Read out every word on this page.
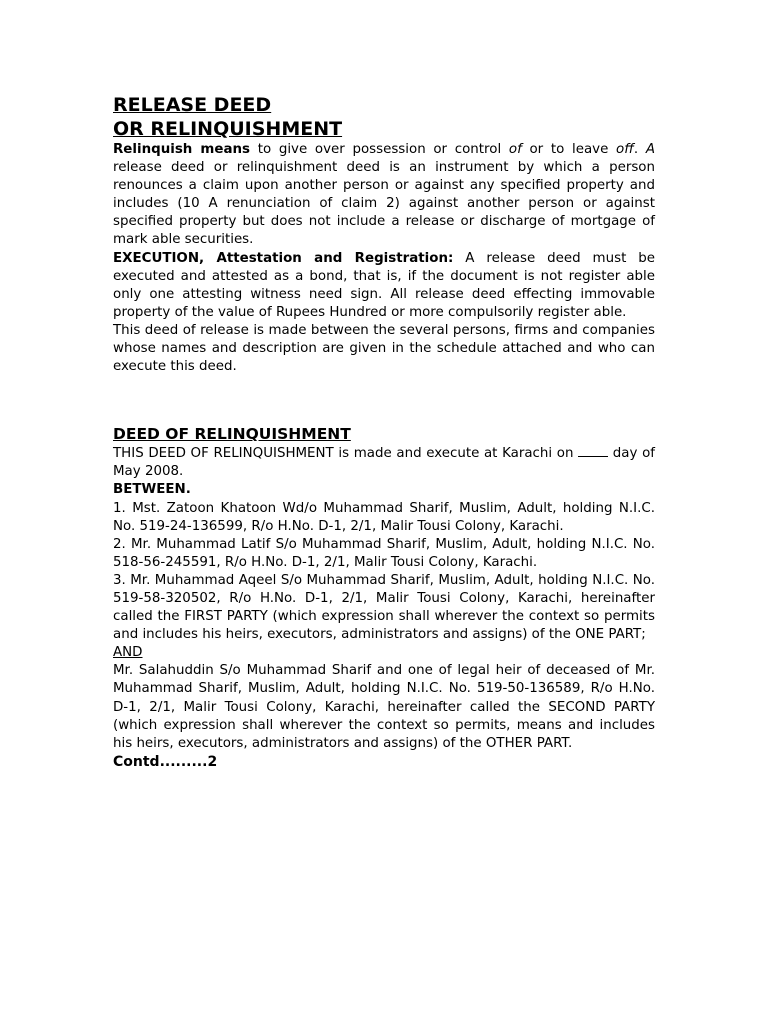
RELEASE DEED
OR RELINQUISHMENT

Relinquish means to give over possession or control of or to leave off. A release deed or relinquishment deed is an instrument by which a person renounces a claim upon another person or against any specified property and includes (10 A renunciation of claim 2) against another person or against specified property but does not include a release or discharge of mortgage of mark able securities.

EXECUTION, Attestation and Registration: A release deed must be executed and attested as a bond, that is, if the document is not register able only one attesting witness need sign. All release deed effecting immovable property of the value of Rupees Hundred or more compulsorily register able.

This deed of release is made between the several persons, firms and companies whose names and description are given in the schedule attached and who can execute this deed.

DEED OF RELINQUISHMENT

THIS DEED OF RELINQUISHMENT is made and execute at Karachi on	day of May 2008.

BETWEEN.

1. Mst. Zatoon Khatoon Wd/o Muhammad Sharif, Muslim, Adult, holding N.I.C. No. 519-24-136599, R/o H.No. D-1, 2/1, Malir Tousi Colony, Karachi.

2. Mr. Muhammad Latif S/o Muhammad Sharif, Muslim, Adult, holding N.I.C. No. 518-56-245591, R/o H.No. D-1, 2/1, Malir Tousi Colony, Karachi.

3. Mr. Muhammad Aqeel S/o Muhammad Sharif, Muslim, Adult, holding N.I.C. No. 519-58-320502, R/o H.No. D-1, 2/1, Malir Tousi Colony, Karachi, hereinafter called the FIRST PARTY (which expression shall wherever the context so permits and includes his heirs, executors, administrators and assigns) of the ONE PART;

AND

Mr. Salahuddin S/o Muhammad Sharif and one of legal heir of deceased of Mr. Muhammad Sharif, Muslim, Adult, holding N.I.C. No. 519-50-136589, R/o H.No. D-1, 2/1, Malir Tousi Colony, Karachi, hereinafter called the SECOND PARTY (which expression shall wherever the context so permits, means and includes his heirs, executors, administrators and assigns) of the OTHER PART.

Contd.........2
